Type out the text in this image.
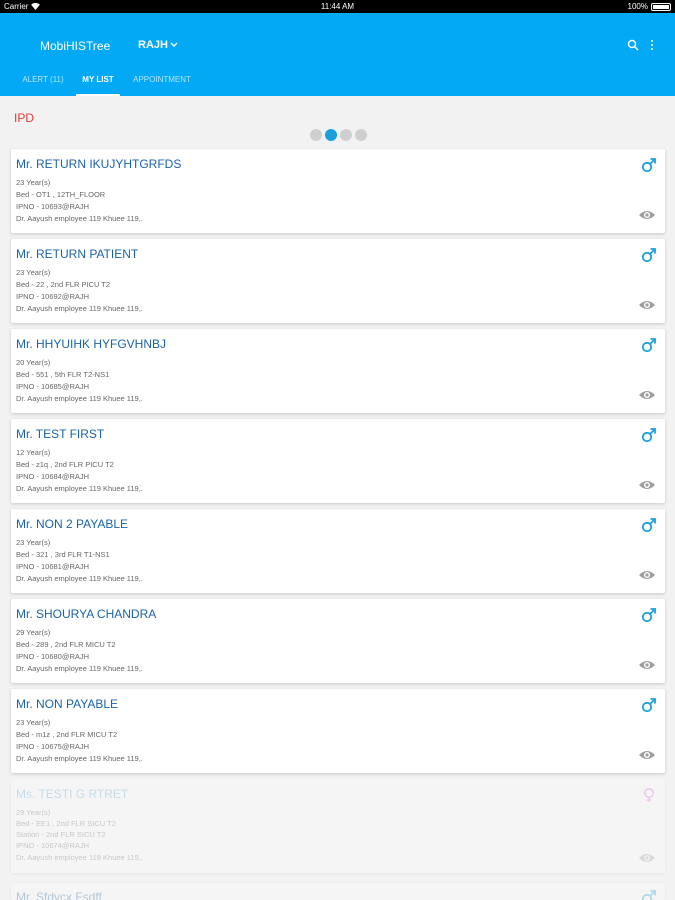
Carrier	11:44 AM	100%
MobiHISTree	RAJH
ALERT (11)	MY LIST	APPOINTMENT
IPD
Mr. RETURN IKUJYHTGRFDS
23 Year(s)
Bed - OT1 , 12TH_FLOOR
IPNO - 10693@RAJH
Dr. Aayush employee 119 Khuee 119,.
Mr. RETURN PATIENT
23 Year(s)
Bed - 22 , 2nd FLR PICU T2
IPNO - 10692@RAJH
Dr. Aayush employee 119 Khuee 119,.
Mr. HHYUIHK HYFGVHNBJ
20 Year(s)
Bed - 551 , 5th FLR T2-NS1
IPNO - 10685@RAJH
Dr. Aayush employee 119 Khuee 119,.
Mr. TEST FIRST
12 Year(s)
Bed - z1q , 2nd FLR PICU T2
IPNO - 10684@RAJH
Dr. Aayush employee 119 Khuee 119,.
Mr. NON 2 PAYABLE
23 Year(s)
Bed - 321 , 3rd FLR T1-NS1
IPNO - 10681@RAJH
Dr. Aayush employee 119 Khuee 119,.
Mr. SHOURYA CHANDRA
29 Year(s)
Bed - 289 , 2nd FLR MICU T2
IPNO - 10680@RAJH
Dr. Aayush employee 119 Khuee 119,.
Mr. NON PAYABLE
23 Year(s)
Bed - m1z , 2nd FLR MICU T2
IPNO - 10675@RAJH
Dr. Aayush employee 119 Khuee 119,.
Ms. TESTI G RTRET
29 Year(s)
Bed - EE1 , 2nd FLR SICU T2
Station - 2nd FLR SICU T2
IPNO - 10674@RAJH
Dr. Aayush employee 119 Khuee 119,.
Mr. Sfdvcx Fsdff
